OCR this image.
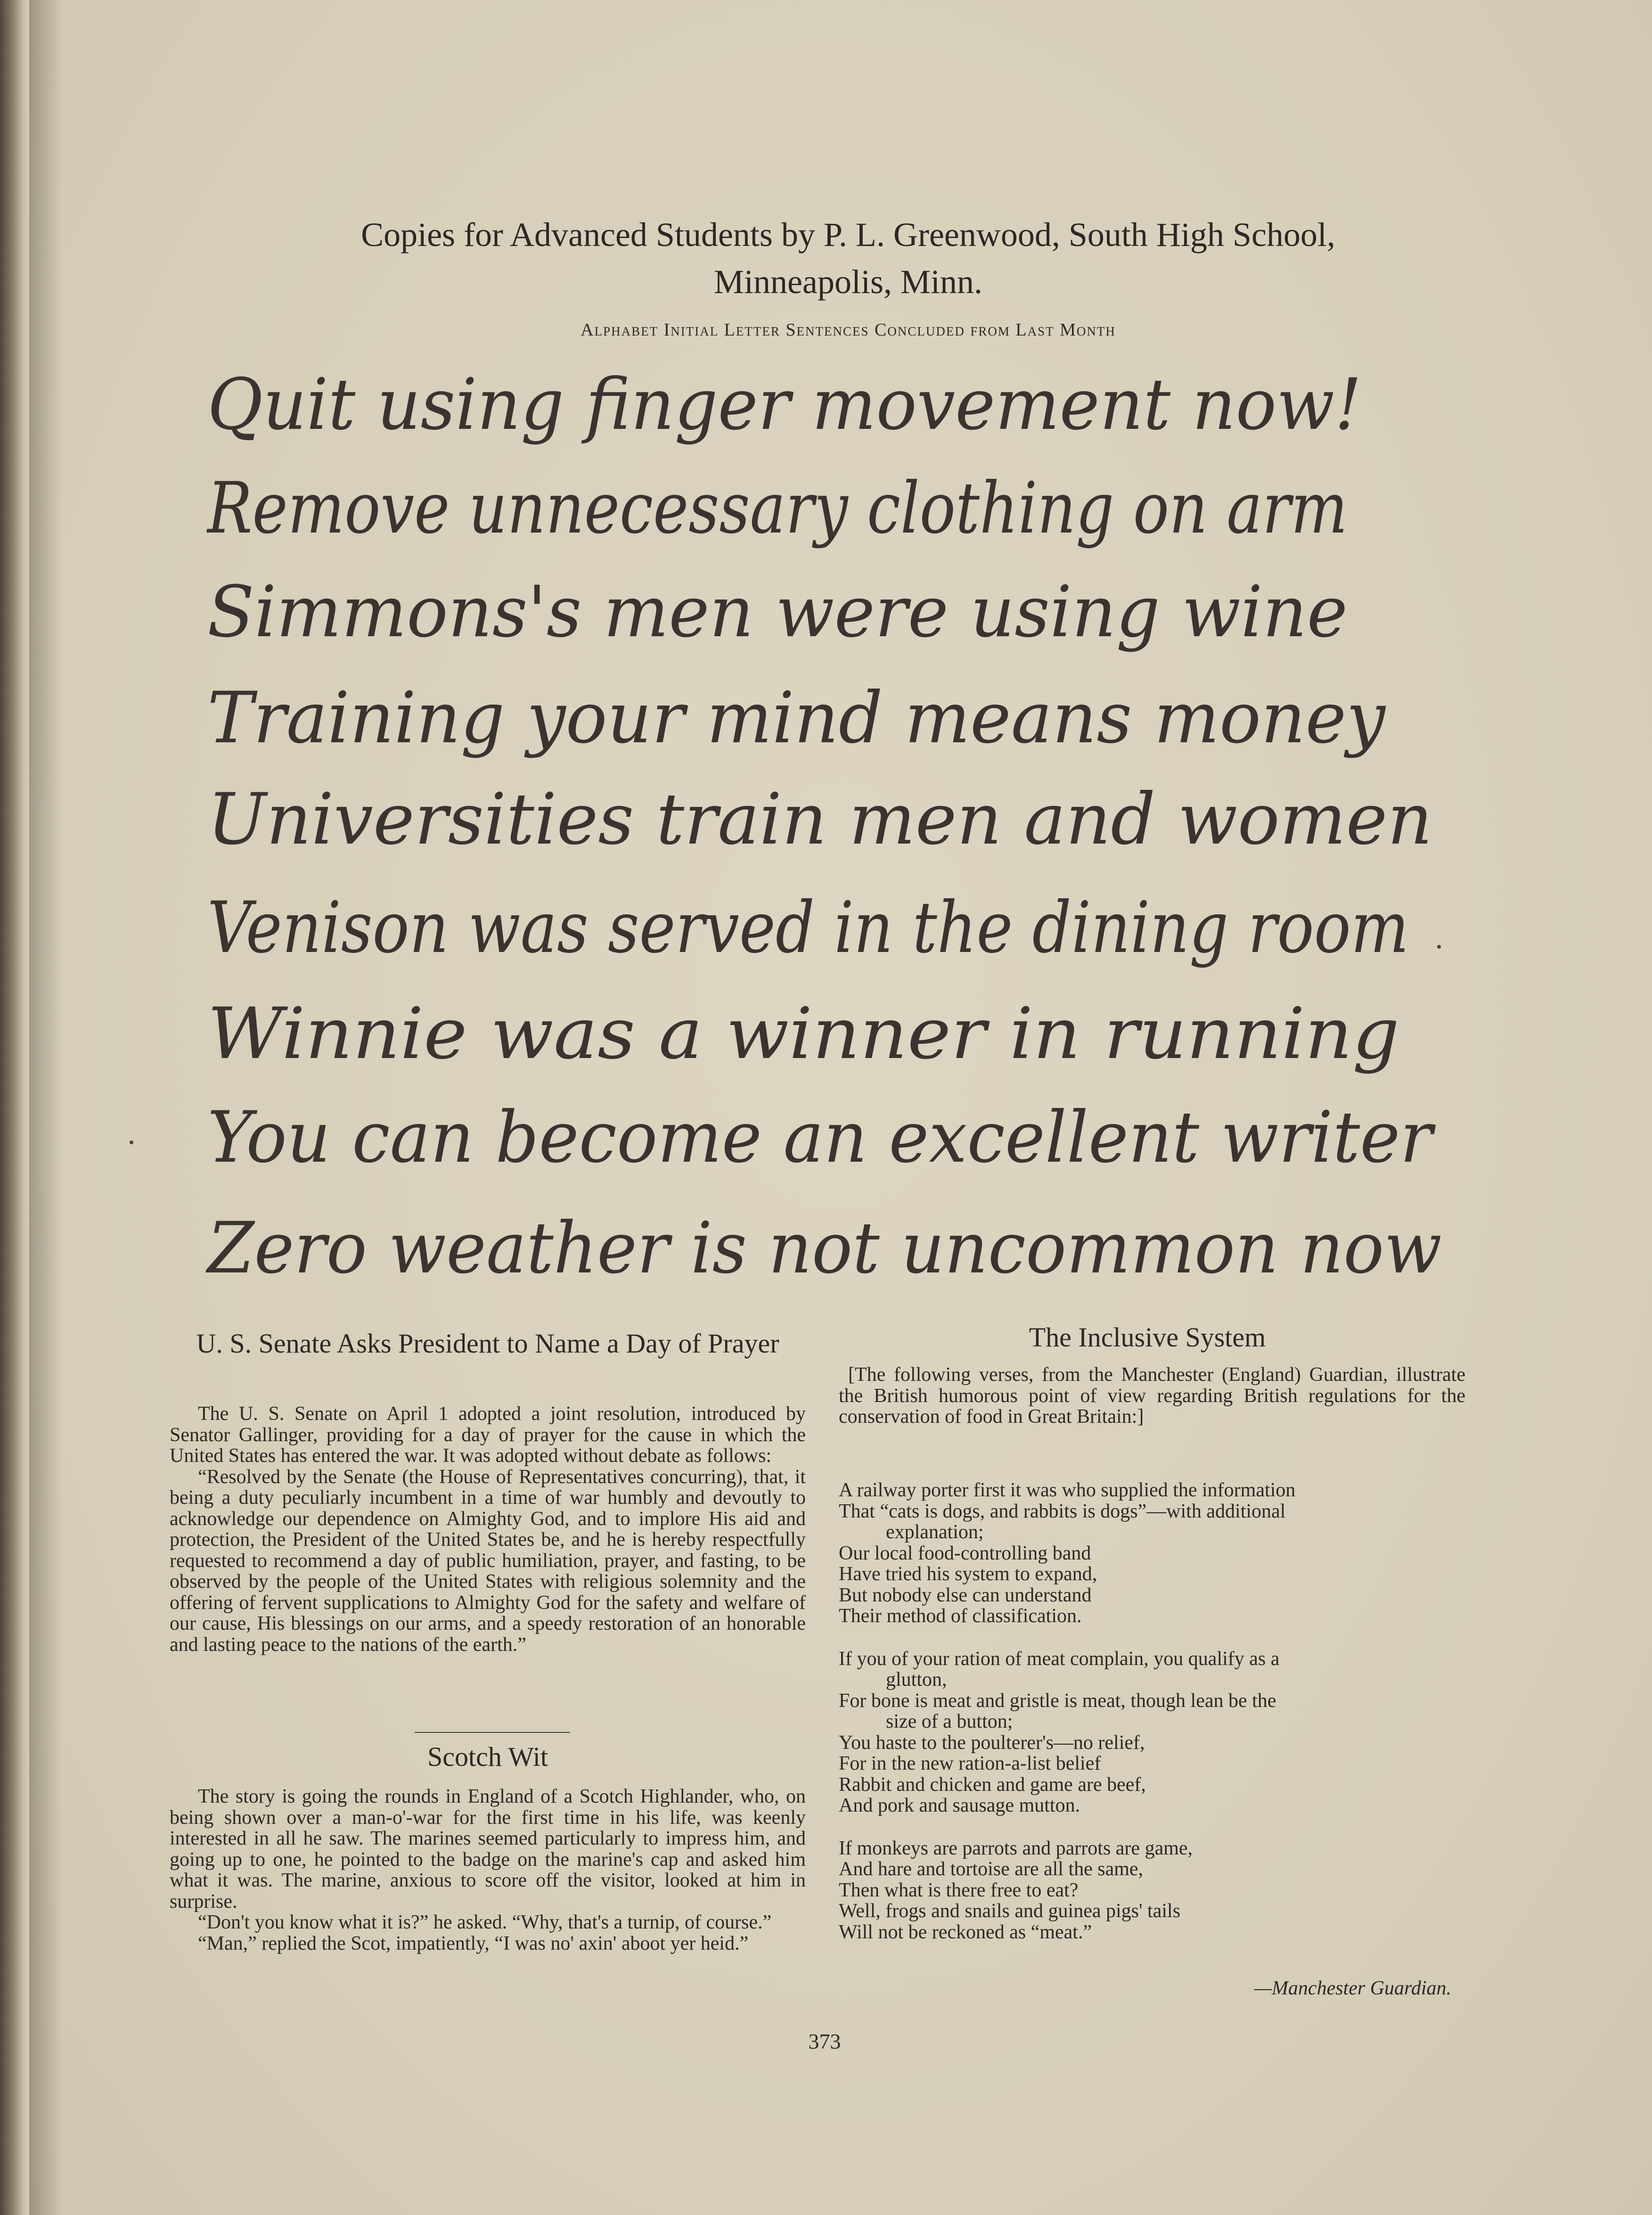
Copies for Advanced Students by P. L. Greenwood, South High School,
Minneapolis, Minn.
Alphabet Initial Letter Sentences Concluded from Last Month
Quit using finger movement now!
Remove unnecessary clothing on arm
Simmons's men were using wine
Training your mind means money
Universities train men and women
Venison was served in the dining room
Winnie was a winner in running
You can become an excellent writer
Zero weather is not uncommon now
U. S. Senate Asks President to Name a Day of Prayer

The U. S. Senate on April 1 adopted a joint resolution, introduced by Senator Gallinger, providing for a day of prayer for the cause in which the United States has entered the war. It was adopted without debate as follows:

“Resolved by the Senate (the House of Representatives concurring), that, it being a duty peculiarly incumbent in a time of war humbly and devoutly to acknowledge our dependence on Almighty God, and to implore His aid and protection, the President of the United States be, and he is hereby respectfully requested to recommend a day of public humiliation, prayer, and fasting, to be observed by the people of the United States with religious solemnity and the offering of fervent supplications to Almighty God for the safety and welfare of our cause, His blessings on our arms, and a speedy restoration of an honorable and lasting peace to the nations of the earth.”

Scotch Wit

The story is going the rounds in England of a Scotch Highlander, who, on being shown over a man-o'-war for the first time in his life, was keenly interested in all he saw. The marines seemed particularly to impress him, and going up to one, he pointed to the badge on the marine's cap and asked him what it was. The marine, anxious to score off the visitor, looked at him in surprise.

“Don't you know what it is?” he asked. “Why, that's a turnip, of course.”

“Man,” replied the Scot, impatiently, “I was no' axin' aboot yer heid.”

The Inclusive System

[The following verses, from the Manchester (England) Guardian, illustrate the British humorous point of view regarding British regulations for the conservation of food in Great Britain:]

A railway porter first it was who supplied the information
That “cats is dogs, and rabbits is dogs”—with additional
explanation;
Our local food-controlling band
Have tried his system to expand,
But nobody else can understand
Their method of classification.
If you of your ration of meat complain, you qualify as a
glutton,
For bone is meat and gristle is meat, though lean be the
size of a button;
You haste to the poulterer's—no relief,
For in the new ration-a-list belief
Rabbit and chicken and game are beef,
And pork and sausage mutton.
If monkeys are parrots and parrots are game,
And hare and tortoise are all the same,
Then what is there free to eat?
Well, frogs and snails and guinea pigs' tails
Will not be reckoned as “meat.”
—Manchester Guardian.
373
